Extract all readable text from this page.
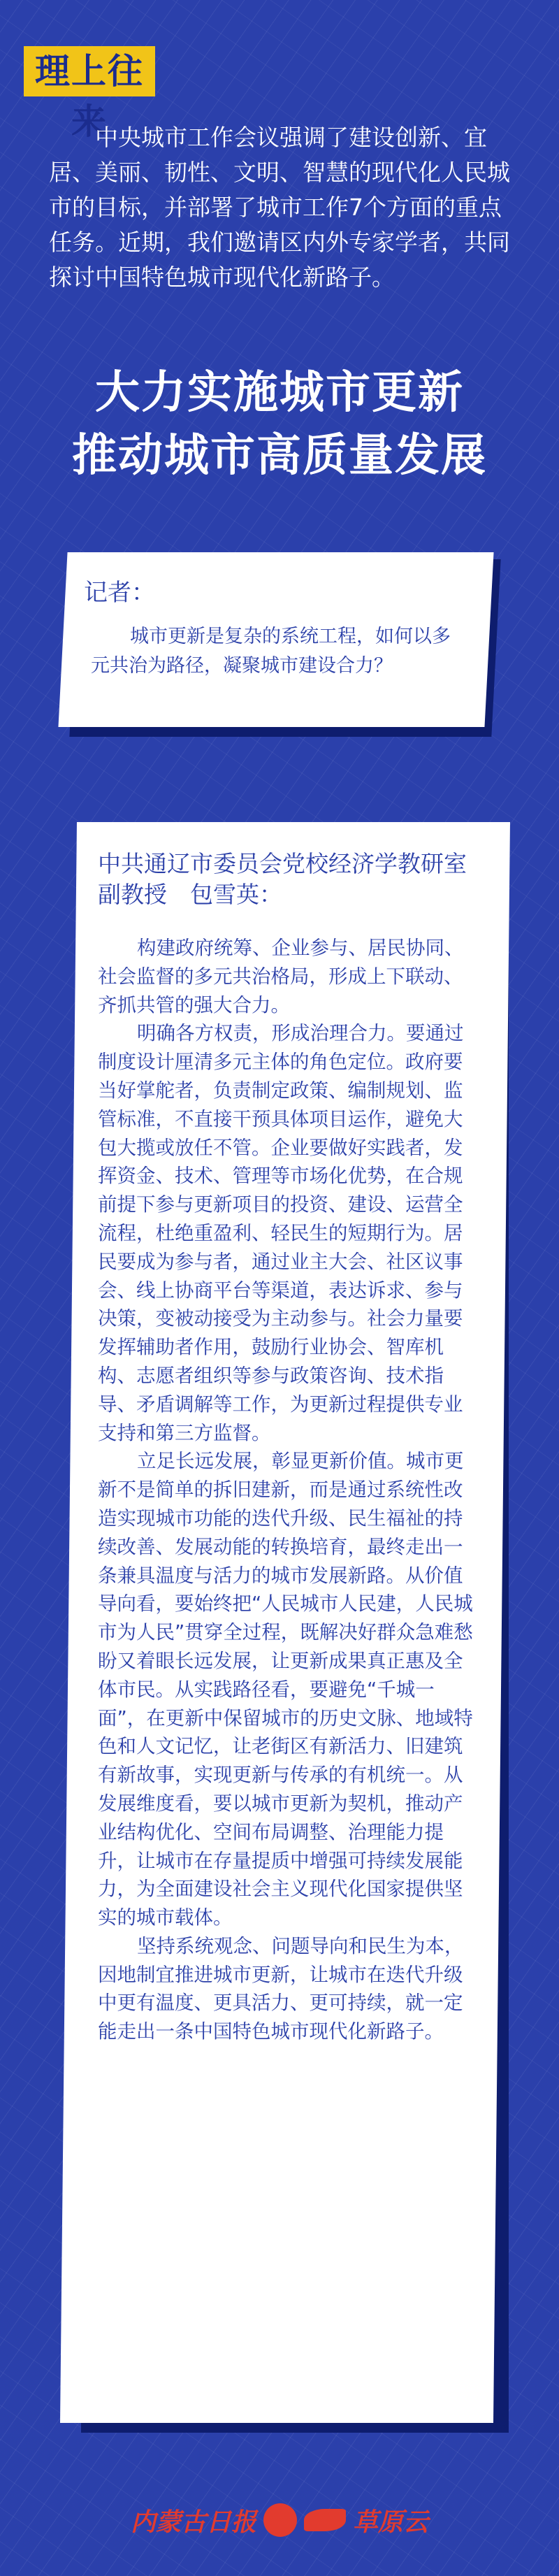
理上往来

中央城市工作会议强调了建设创新、宜居、美丽、韧性、文明、智慧的现代化人民城市的目标，并部署了城市工作7个方面的重点任务。近期，我们邀请区内外专家学者，共同探讨中国特色城市现代化新路子。

大力实施城市更新
推动城市高质量发展

记者：

城市更新是复杂的系统工程，如何以多元共治为路径，凝聚城市建设合力？

中共通辽市委员会党校经济学教研室副教授　包雪英：

构建政府统筹、企业参与、居民协同、社会监督的多元共治格局，形成上下联动、齐抓共管的强大合力。
明确各方权责，形成治理合力。要通过制度设计厘清多元主体的角色定位。政府要当好掌舵者，负责制定政策、编制规划、监管标准，不直接干预具体项目运作，避免大包大揽或放任不管。企业要做好实践者，发挥资金、技术、管理等市场化优势，在合规前提下参与更新项目的投资、建设、运营全流程，杜绝重盈利、轻民生的短期行为。居民要成为参与者，通过业主大会、社区议事会、线上协商平台等渠道，表达诉求、参与决策，变被动接受为主动参与。社会力量要发挥辅助者作用，鼓励行业协会、智库机构、志愿者组织等参与政策咨询、技术指导、矛盾调解等工作，为更新过程提供专业支持和第三方监督。
立足长远发展，彰显更新价值。城市更新不是简单的拆旧建新，而是通过系统性改造实现城市功能的迭代升级、民生福祉的持续改善、发展动能的转换培育，最终走出一条兼具温度与活力的城市发展新路。从价值导向看，要始终把“人民城市人民建，人民城市为人民”贯穿全过程，既解决好群众急难愁盼又着眼长远发展，让更新成果真正惠及全体市民。从实践路径看，要避免“千城一面”，在更新中保留城市的历史文脉、地域特色和人文记忆，让老街区有新活力、旧建筑有新故事，实现更新与传承的有机统一。从发展维度看，要以城市更新为契机，推动产业结构优化、空间布局调整、治理能力提升，让城市在存量提质中增强可持续发展能力，为全面建设社会主义现代化国家提供坚实的城市载体。
坚持系统观念、问题导向和民生为本，因地制宜推进城市更新，让城市在迭代升级中更有温度、更具活力、更可持续，就一定能走出一条中国特色城市现代化新路子。
内蒙古日报	草原云
